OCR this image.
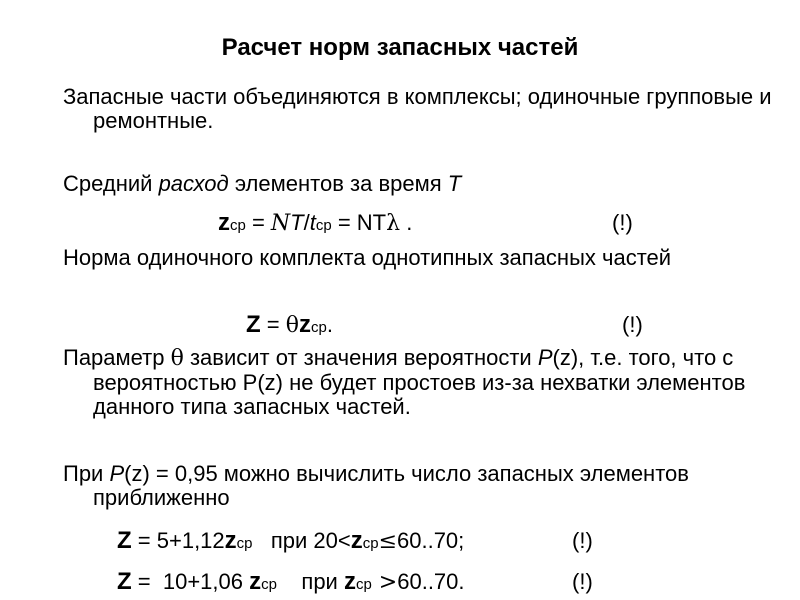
Расчет норм запасных частей
Запасные части объединяются в комплексы; одиночные групповые и ремонтные.
Средний расход элементов за время T
zср = NT/tср = NTλ .	(!)
Норма одиночного комплекта однотипных запасных частей
Z = θzср.	(!)
Параметр θ зависит от значения вероятности P(z), т.е. того, что с вероятностью P(z) не будет простоев из-за нехватки элементов данного типа запасных частей.
При P(z) = 0,95 можно вычислить число запасных элементов приближенно
Z = 5+1,12zср   при 20<zср≤60..70;	(!)
Z =  10+1,06 zср    при zср >60..70.	(!)
